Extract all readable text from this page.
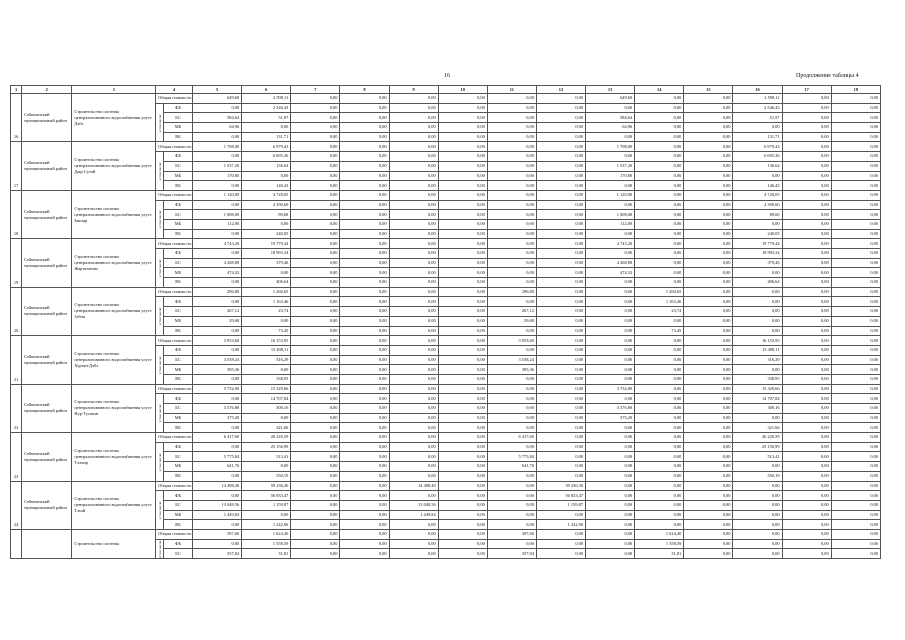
16	Продолжение таблицы 4
1	2	3	4		5	6	7	8	9	10	11	12	13	14	15	16	17	18
16	Сеймчанский муниципальный район	Строительство системы централизованного водоснабжения улусе Дэбэ	Общая стоимость		649,60	2 598,11	0,00	0,00	0,00	0,00	0,00	0,00	649,60	0,00	0,00	2 598,11	0,00	0,00

			в том числе:	ФБ	0,00	2 546,43	0,00	0,00	0,00	0,00	0,00	0,00	0,00	0,00	0,00	2 546,43	0,00	0,00
				БС	584,64	51,97	0,00	0,00	0,00	0,00	0,00	0,00	584,64	0,00	0,00	51,97	0,00	0,00
				МБ	64,96	0,00	0,00	0,00	0,00	0,00	0,00	0,00	64,96	0,00	0,00	0,00	0,00	0,00
				ВБ	0,00	131,71	0,00	0,00	0,00	0,00	0,00	0,00	0,00	0,00	0,00	131,71	0,00	0,00
17	Сеймчанский муниципальный район	Строительство системы централизованного водоснабжения улусе Дыр-Сутай	Общая стоимость		1 708,00	6 979,43	0,00	0,00	0,00	0,00	0,00	0,00	1 708,00	0,00	0,00	6 979,43	0,00	0,00

			в том числе:	ФБ	0,00	6 695,36	0,00	0,00	0,00	0,00	0,00	0,00	0,00	0,00	0,00	6 695,36	0,00	0,00
				БС	1 537,20	136,64	0,00	0,00	0,00	0,00	0,00	0,00	1 537,20	0,00	0,00	136,64	0,00	0,00
				МБ	170,80	0,00	0,00	0,00	0,00	0,00	0,00	0,00	170,80	0,00	0,00	0,00	0,00	0,00
				ВБ	0,00	146,43	0,00	0,00	0,00	0,00	0,00	0,00	0,00	0,00	0,00	146,43	0,00	0,00
18	Сеймчанский муниципальный район	Строительство системы централизованного водоснабжения улусе Бишир	Общая стоимость		1 120,00	4 720,05	0,00	0,00	0,00	0,00	0,00	0,00	1 120,00	0,00	0,00	4 720,05	0,00	0,00

			в том числе:	ФБ	0,00	4 390,60	0,00	0,00	0,00	0,00	0,00	0,00	0,00	0,00	0,00	4 390,60	0,00	0,00
				БС	1 008,00	89,60	0,00	0,00	0,00	0,00	0,00	0,00	1 008,00	0,00	0,00	89,60	0,00	0,00
				МБ	112,00	0,00	0,00	0,00	0,00	0,00	0,00	0,00	112,00	0,00	0,00	0,00	0,00	0,00
				ВБ	0,00	240,05	0,00	0,00	0,00	0,00	0,00	0,00	0,00	0,00	0,00	240,05	0,00	0,00
19	Сеймчанский муниципальный район	Строительство системы централизованного водоснабжения улусе Жарталанчы	Общая стоимость		4 743,20	19 779,44	0,00	0,00	0,00	0,00	0,00	0,00	4 743,20	0,00	0,00	19 779,44	0,00	0,00

			в том числе:	ФБ	0,00	18 993,34	0,00	0,00	0,00	0,00	0,00	0,00	0,00	0,00	0,00	18 993,34	0,00	0,00
				БС	4 268,88	379,46	0,00	0,00	0,00	0,00	0,00	0,00	4 268,88	0,00	0,00	379,46	0,00	0,00
				МБ	474,32	0,00	0,00	0,00	0,00	0,00	0,00	0,00	474,32	0,00	0,00	0,00	0,00	0,00
				ВБ	0,00	406,64	0,00	0,00	0,00	0,00	0,00	0,00	0,00	0,00	0,00	406,64	0,00	0,00
20	Сеймчанский муниципальный район	Строительство системы централизованного водоснабжения улусе Зэбэн	Общая стоимость		296,80	1 260,65	0,00	0,00	0,00	0,00	296,80	0,00	0,00	1 260,65	0,00	0,00	0,00	0,00

			в том числе:	ФБ	0,00	1 163,46	0,00	0,00	0,00	0,00	0,00	0,00	0,00	1 163,46	0,00	0,00	0,00	0,00
				БС	267,12	23,74	0,00	0,00	0,00	0,00	267,12	0,00	0,00	23,74	0,00	0,00	0,00	0,00
				МБ	29,68	0,00	0,00	0,00	0,00	0,00	29,68	0,00	0,00	0,00	0,00	0,00	0,00	0,00
				ВБ	0,00	73,45	0,00	0,00	0,00	0,00	0,00	0,00	0,00	73,45	0,00	0,00	0,00	0,00
21	Сеймчанский муниципальный район	Строительство системы централизованного водоснабжения улусе Хурган-Дэбэ	Общая стоимость		3 953,60	16 153,95	0,00	0,00	0,00	0,00	3 953,60	0,00	0,00	0,00	0,00	16 153,95	0,00	0,00

			в том числе:	ФБ	0,00	15 498,11	0,00	0,00	0,00	0,00	0,00	0,00	0,00	0,00	0,00	15 498,11	0,00	0,00
				БС	3 558,24	316,29	0,00	0,00	0,00	0,00	3 558,24	0,00	0,00	0,00	0,00	316,29	0,00	0,00
				МБ	395,36	0,00	0,00	0,00	0,00	0,00	395,36	0,00	0,00	0,00	0,00	0,00	0,00	0,00
				ВБ	0,00	338,95	0,00	0,00	0,00	0,00	0,00	0,00	0,00	0,00	0,00	338,95	0,00	0,00
22	Сеймчанский муниципальный район	Строительство системы централизованного водоснабжения улусе Нур-Тугшин	Общая стоимость		3 752,00	15 329,66	0,00	0,00	0,00	0,00	0,00	0,00	3 752,00	0,00	0,00	15 329,66	0,00	0,00

			в том числе:	ФБ	0,00	14 707,84	0,00	0,00	0,00	0,00	0,00	0,00	0,00	0,00	0,00	14 707,84	0,00	0,00
				БС	3 376,80	300,16	0,00	0,00	0,00	0,00	0,00	0,00	3 376,80	0,00	0,00	300,16	0,00	0,00
				МБ	375,20	0,00	0,00	0,00	0,00	0,00	0,00	0,00	375,20	0,00	0,00	0,00	0,00	0,00
				ВБ	0,00	321,66	0,00	0,00	0,00	0,00	0,00	0,00	0,00	0,00	0,00	321,66	0,00	0,00
23	Сеймчанский муниципальный район	Строительство системы централизованного водоснабжения улусе Тэлмэр	Общая стоимость		6 417,60	26 220,59	0,00	0,00	0,00	0,00	6 417,60	0,00	0,00	0,00	0,00	26 220,59	0,00	0,00

			в том числе:	ФБ	0,00	25 156,99	0,00	0,00	0,00	0,00	0,00	0,00	0,00	0,00	0,00	25 156,99	0,00	0,00
				БС	5 775,84	513,41	0,00	0,00	0,00	0,00	5 775,84	0,00	0,00	0,00	0,00	513,41	0,00	0,00
				МБ	641,76	0,00	0,00	0,00	0,00	0,00	641,76	0,00	0,00	0,00	0,00	0,00	0,00	0,00
				ВБ	0,00	550,19	0,00	0,00	0,00	0,00	0,00	0,00	0,00	0,00	0,00	550,19	0,00	0,00
24	Сеймчанский муниципальный район	Строительство системы централизованного водоснабжения улусе Тэхэй	Общая стоимость		14 498,40	59 236,30	0,00	0,00	14 498,40	0,00	0,00	59 236,30	0,00	0,00	0,00	0,00	0,00	0,00

			в том числе:	ФБ	0,00	56 833,47	0,00	0,00	0,00	0,00	0,00	56 833,47	0,00	0,00	0,00	0,00	0,00	0,00
				БС	13 048,56	1 159,87	0,00	0,00	13 048,56	0,00	0,00	1 159,87	0,00	0,00	0,00	0,00	0,00	0,00
				МБ	1 449,84	0,00	0,00	0,00	1 449,84	0,00	0,00	0,00	0,00	0,00	0,00	0,00	0,00	0,00
				ВБ	0,00	1 242,96	0,00	0,00	0,00	0,00	0,00	1 242,96	0,00	0,00	0,00	0,00	0,00	0,00
		Строительство системы	Общая стоимость		397,60	1 624,40	0,00	0,00	0,00	0,00	397,60	0,00	0,00	1 624,40	0,00	0,00	0,00	0,00

			в том числе:	ФБ	0,00	1 558,59	0,00	0,00	0,00	0,00	0,00	0,00	0,00	1 558,59	0,00	0,00	0,00	0,00
				БС	357,84	31,81	0,00	0,00	0,00	0,00	357,84	0,00	0,00	31,81	0,00	0,00	0,00	0,00
